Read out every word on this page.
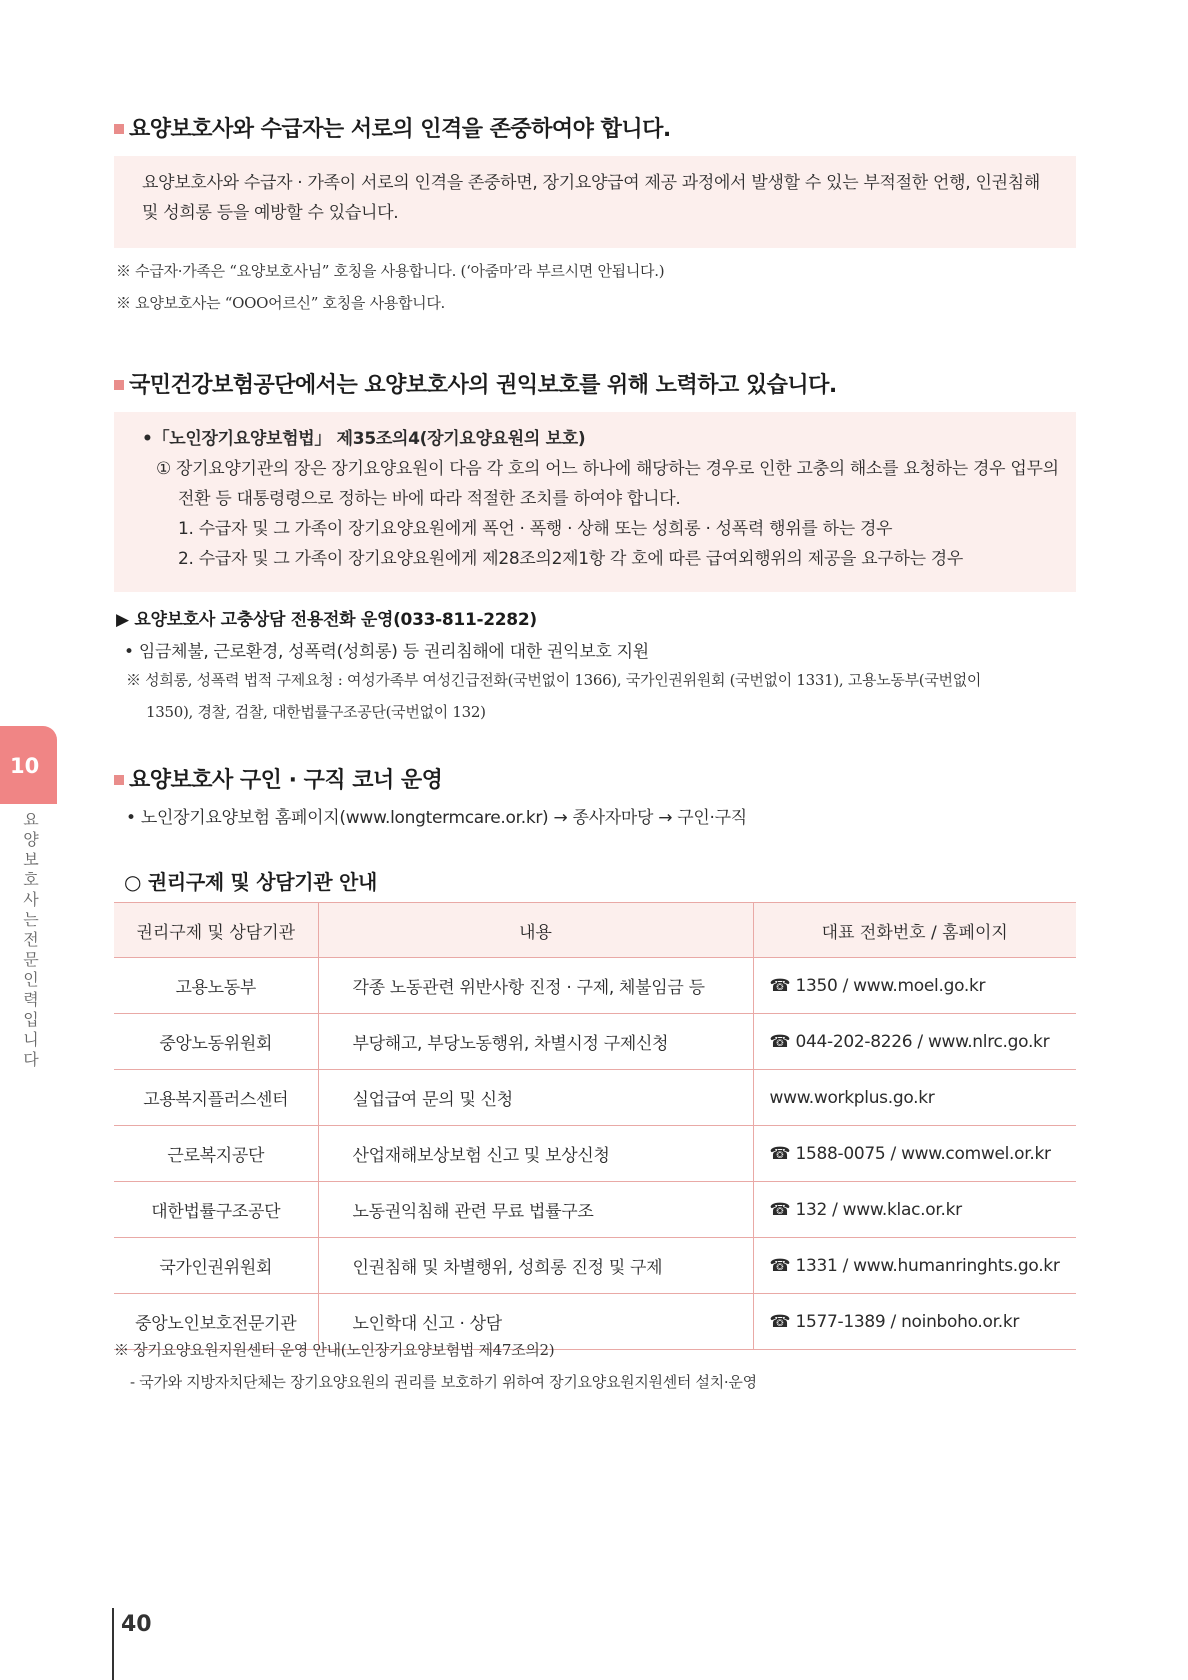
요양보호사와 수급자는 서로의 인격을 존중하여야 합니다.

요양보호사와 수급자 · 가족이 서로의 인격을 존중하면, 장기요양급여 제공 과정에서 발생할 수 있는 부적절한 언행, 인권침해

및 성희롱 등을 예방할 수 있습니다.

※ 수급자·가족은 “요양보호사님” 호칭을 사용합니다. (‘아줌마’라 부르시면 안됩니다.)
※ 요양보호사는 “OOO어르신” 호칭을 사용합니다.
국민건강보험공단에서는 요양보호사의 권익보호를 위해 노력하고 있습니다.

•「노인장기요양보험법」 제35조의4(장기요양요원의 보호)

① 장기요양기관의 장은 장기요양요원이 다음 각 호의 어느 하나에 해당하는 경우로 인한 고충의 해소를 요청하는 경우 업무의

전환 등 대통령령으로 정하는 바에 따라 적절한 조치를 하여야 합니다.

1. 수급자 및 그 가족이 장기요양요원에게 폭언 · 폭행 · 상해 또는 성희롱 · 성폭력 행위를 하는 경우

2. 수급자 및 그 가족이 장기요양요원에게 제28조의2제1항 각 호에 따른 급여외행위의 제공을 요구하는 경우

▶ 요양보호사 고충상담 전용전화 운영(033-811-2282)
• 임금체불, 근로환경, 성폭력(성희롱) 등 권리침해에 대한 권익보호 지원
※ 성희롱, 성폭력 법적 구제요청 : 여성가족부 여성긴급전화(국번없이 1366), 국가인권위원회 (국번없이 1331), 고용노동부(국번없이
1350), 경찰, 검찰, 대한법률구조공단(국번없이 132)
요양보호사 구인 · 구직 코너 운영
• 노인장기요양보험 홈페이지(www.longtermcare.or.kr) → 종사자마당 → 구인·구직
○ 권리구제 및 상담기관 안내
권리구제 및 상담기관	내용	대표 전화번호 / 홈페이지
고용노동부	각종 노동관련 위반사항 진정 · 구제, 체불임금 등	☎ 1350 / www.moel.go.kr
중앙노동위원회	부당해고, 부당노동행위, 차별시정 구제신청	☎ 044-202-8226 / www.nlrc.go.kr
고용복지플러스센터	실업급여 문의 및 신청	www.workplus.go.kr
근로복지공단	산업재해보상보험 신고 및 보상신청	☎ 1588-0075 / www.comwel.or.kr
대한법률구조공단	노동권익침해 관련 무료 법률구조	☎ 132 / www.klac.or.kr
국가인권위원회	인권침해 및 차별행위, 성희롱 진정 및 구제	☎ 1331 / www.humanringhts.go.kr
중앙노인보호전문기관	노인학대 신고 · 상담	☎ 1577-1389 / noinboho.or.kr
※ 장기요양요원지원센터 운영 안내(노인장기요양보험법 제47조의2)
- 국가와 지방자치단체는 장기요양요원의 권리를 보호하기 위하여 장기요양요원지원센터 설치·운영
10
요양보호사는 전문인력입니다
40
